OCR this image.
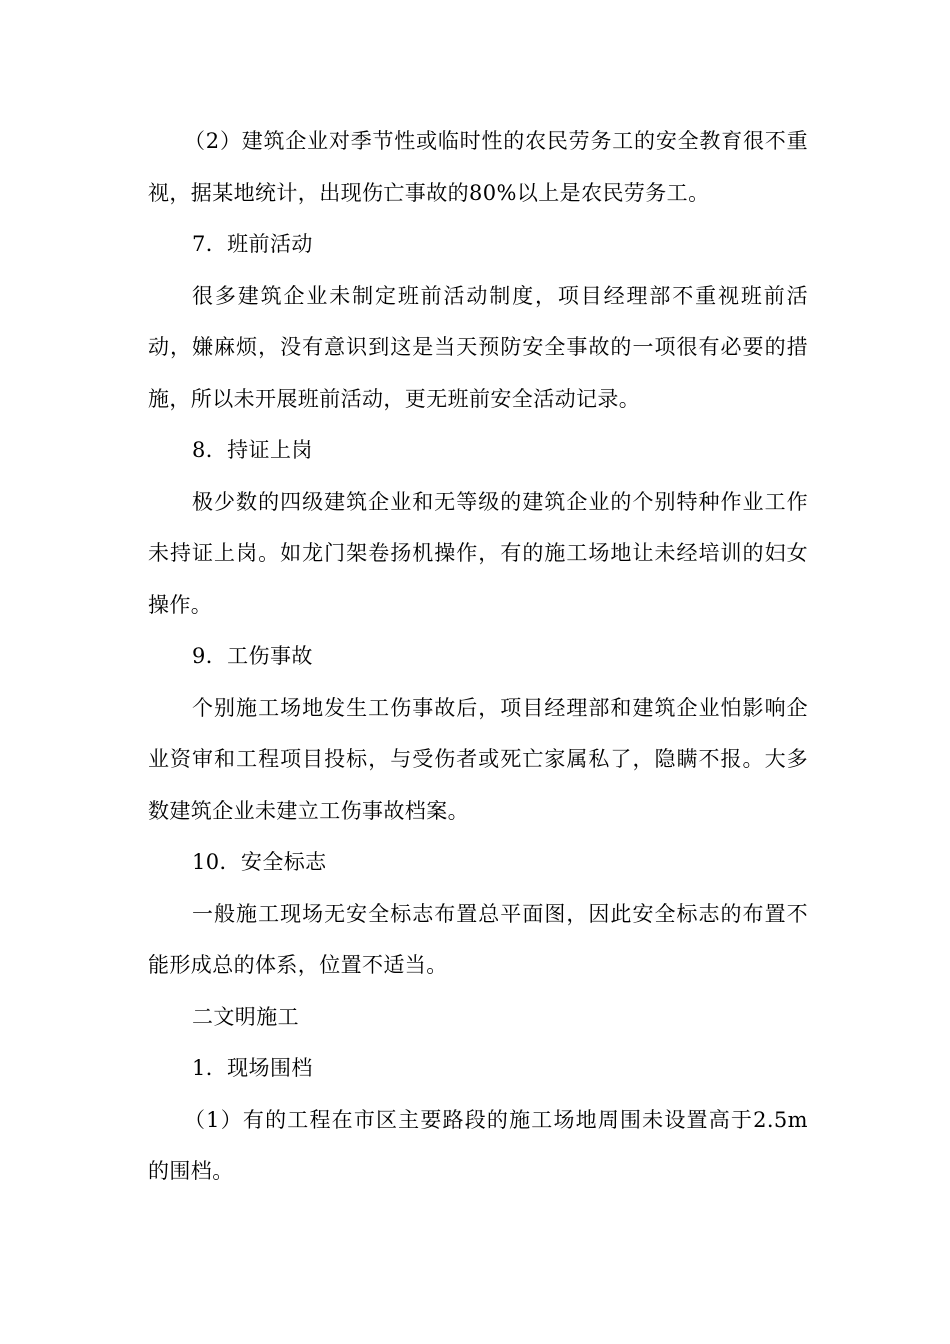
（2）建筑企业对季节性或临时性的农民劳务工的安全教育很不重视，据某地统计，出现伤亡事故的80%以上是农民劳务工。

7．班前活动

很多建筑企业未制定班前活动制度，项目经理部不重视班前活动，嫌麻烦，没有意识到这是当天预防安全事故的一项很有必要的措施，所以未开展班前活动，更无班前安全活动记录。

8．持证上岗

极少数的四级建筑企业和无等级的建筑企业的个别特种作业工作未持证上岗。如龙门架卷扬机操作，有的施工场地让未经培训的妇女操作。

9．工伤事故

个别施工场地发生工伤事故后，项目经理部和建筑企业怕影响企业资审和工程项目投标，与受伤者或死亡家属私了，隐瞒不报。大多数建筑企业未建立工伤事故档案。

10．安全标志

一般施工现场无安全标志布置总平面图，因此安全标志的布置不能形成总的体系，位置不适当。

二文明施工

1．现场围档

（1）有的工程在市区主要路段的施工场地周围未设置高于2.5m的围档。
